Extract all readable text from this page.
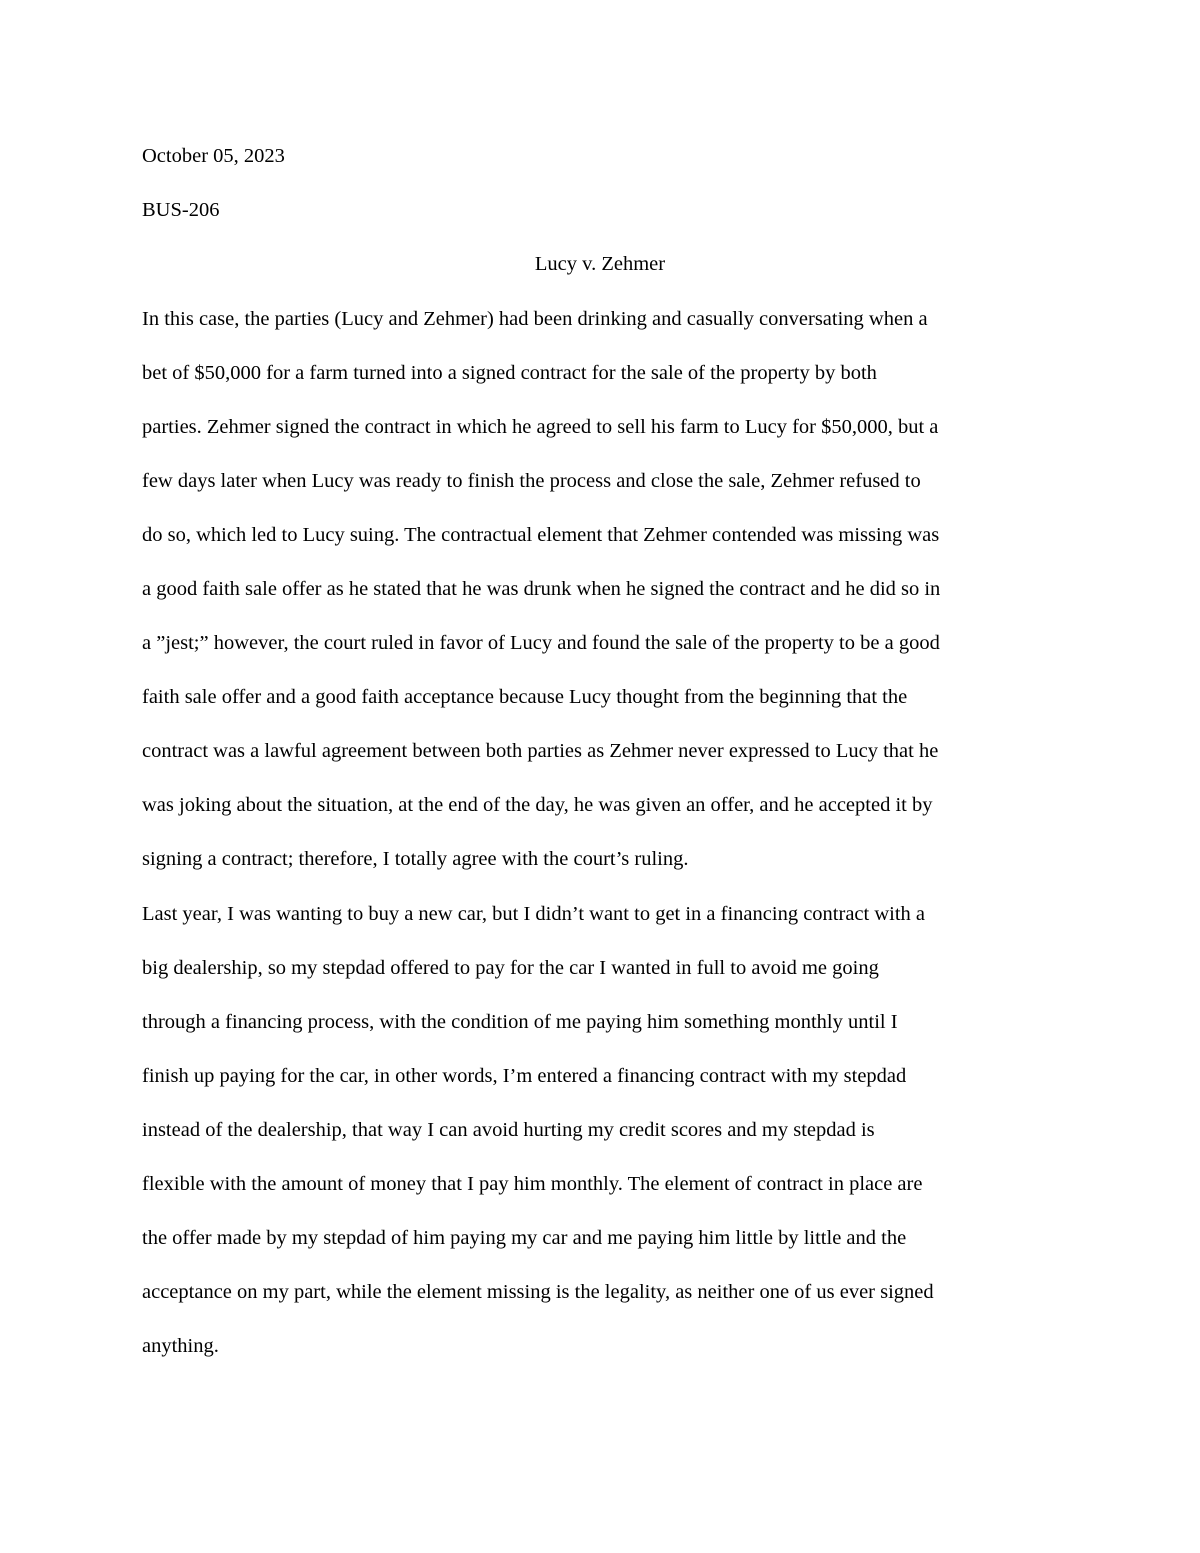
October 05, 2023

BUS-206

Lucy v. Zehmer

In this case, the parties (Lucy and Zehmer) had been drinking and casually conversating when a

bet of $50,000 for a farm turned into a signed contract for the sale of the property by both

parties. Zehmer signed the contract in which he agreed to sell his farm to Lucy for $50,000, but a

few days later when Lucy was ready to finish the process and close the sale, Zehmer refused to

do so, which led to Lucy suing. The contractual element that Zehmer contended was missing was

a good faith sale offer as he stated that he was drunk when he signed the contract and he did so in

a ”jest;” however, the court ruled in favor of Lucy and found the sale of the property to be a good

faith sale offer and a good faith acceptance because Lucy thought from the beginning that the

contract was a lawful agreement between both parties as Zehmer never expressed to Lucy that he

was joking about the situation, at the end of the day, he was given an offer, and he accepted it by

signing a contract; therefore, I totally agree with the court’s ruling.

Last year, I was wanting to buy a new car, but I didn’t want to get in a financing contract with a

big dealership, so my stepdad offered to pay for the car I wanted in full to avoid me going

through a financing process, with the condition of me paying him something monthly until I

finish up paying for the car, in other words, I’m entered a financing contract with my stepdad

instead of the dealership, that way I can avoid hurting my credit scores and my stepdad is

flexible with the amount of money that I pay him monthly. The element of contract in place are

the offer made by my stepdad of him paying my car and me paying him little by little and the

acceptance on my part, while the element missing is the legality, as neither one of us ever signed

anything.
